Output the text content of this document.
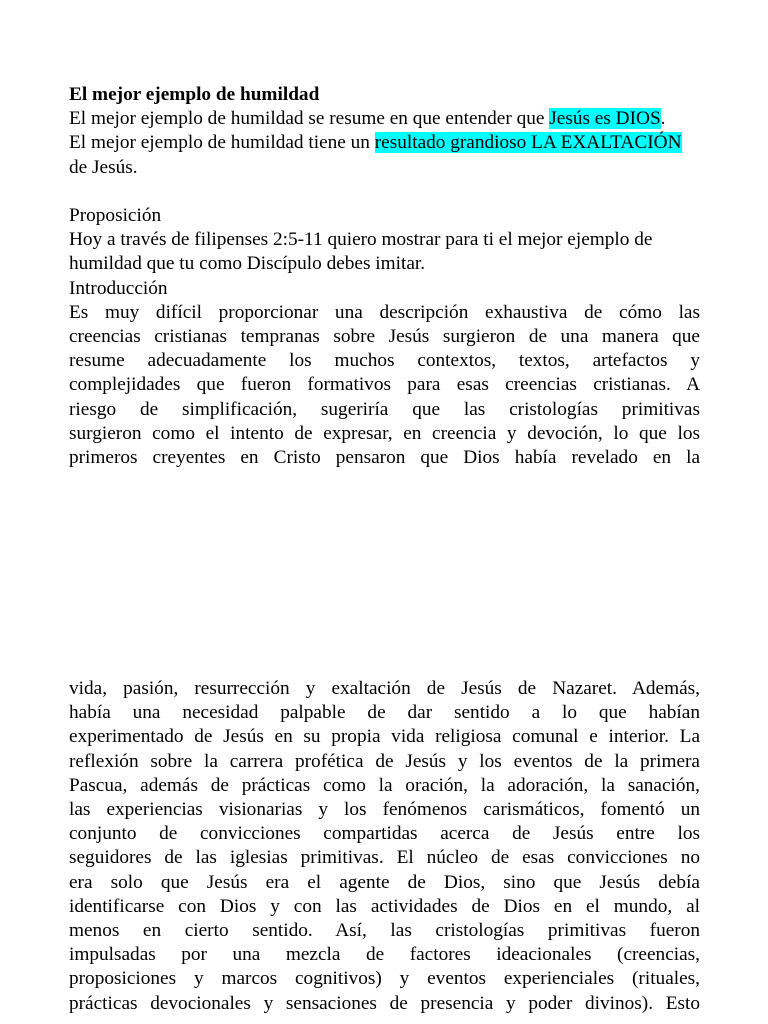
El mejor ejemplo de humildad

El mejor ejemplo de humildad se resume en que entender que Jesús es DIOS.

El mejor ejemplo de humildad tiene un resultado grandioso LA EXALTACIÓN de Jesús.

Proposición

Hoy a través de filipenses 2:5-11 quiero mostrar para ti el mejor ejemplo de humildad que tu como Discípulo debes imitar.

Introducción

Es muy difícil proporcionar una descripción exhaustiva de cómo las
creencias cristianas tempranas sobre Jesús surgieron de una manera que
resume adecuadamente los muchos contextos, textos, artefactos y
complejidades que fueron formativos para esas creencias cristianas. A
riesgo de simplificación, sugeriría que las cristologías primitivas
surgieron como el intento de expresar, en creencia y devoción, lo que los
primeros creyentes en Cristo pensaron que Dios había revelado en la
vida, pasión, resurrección y exaltación de Jesús de Nazaret. Además,
había una necesidad palpable de dar sentido a lo que habían
experimentado de Jesús en su propia vida religiosa comunal e interior. La
reflexión sobre la carrera profética de Jesús y los eventos de la primera
Pascua, además de prácticas como la oración, la adoración, la sanación,
las experiencias visionarias y los fenómenos carismáticos, fomentó un
conjunto de convicciones compartidas acerca de Jesús entre los
seguidores de las iglesias primitivas. El núcleo de esas convicciones no
era solo que Jesús era el agente de Dios, sino que Jesús debía
identificarse con Dios y con las actividades de Dios en el mundo, al
menos en cierto sentido. Así, las cristologías primitivas fueron
impulsadas por una mezcla de factores ideacionales (creencias,
proposiciones y marcos cognitivos) y eventos experienciales (rituales,
prácticas devocionales y sensaciones de presencia y poder divinos). Esto
